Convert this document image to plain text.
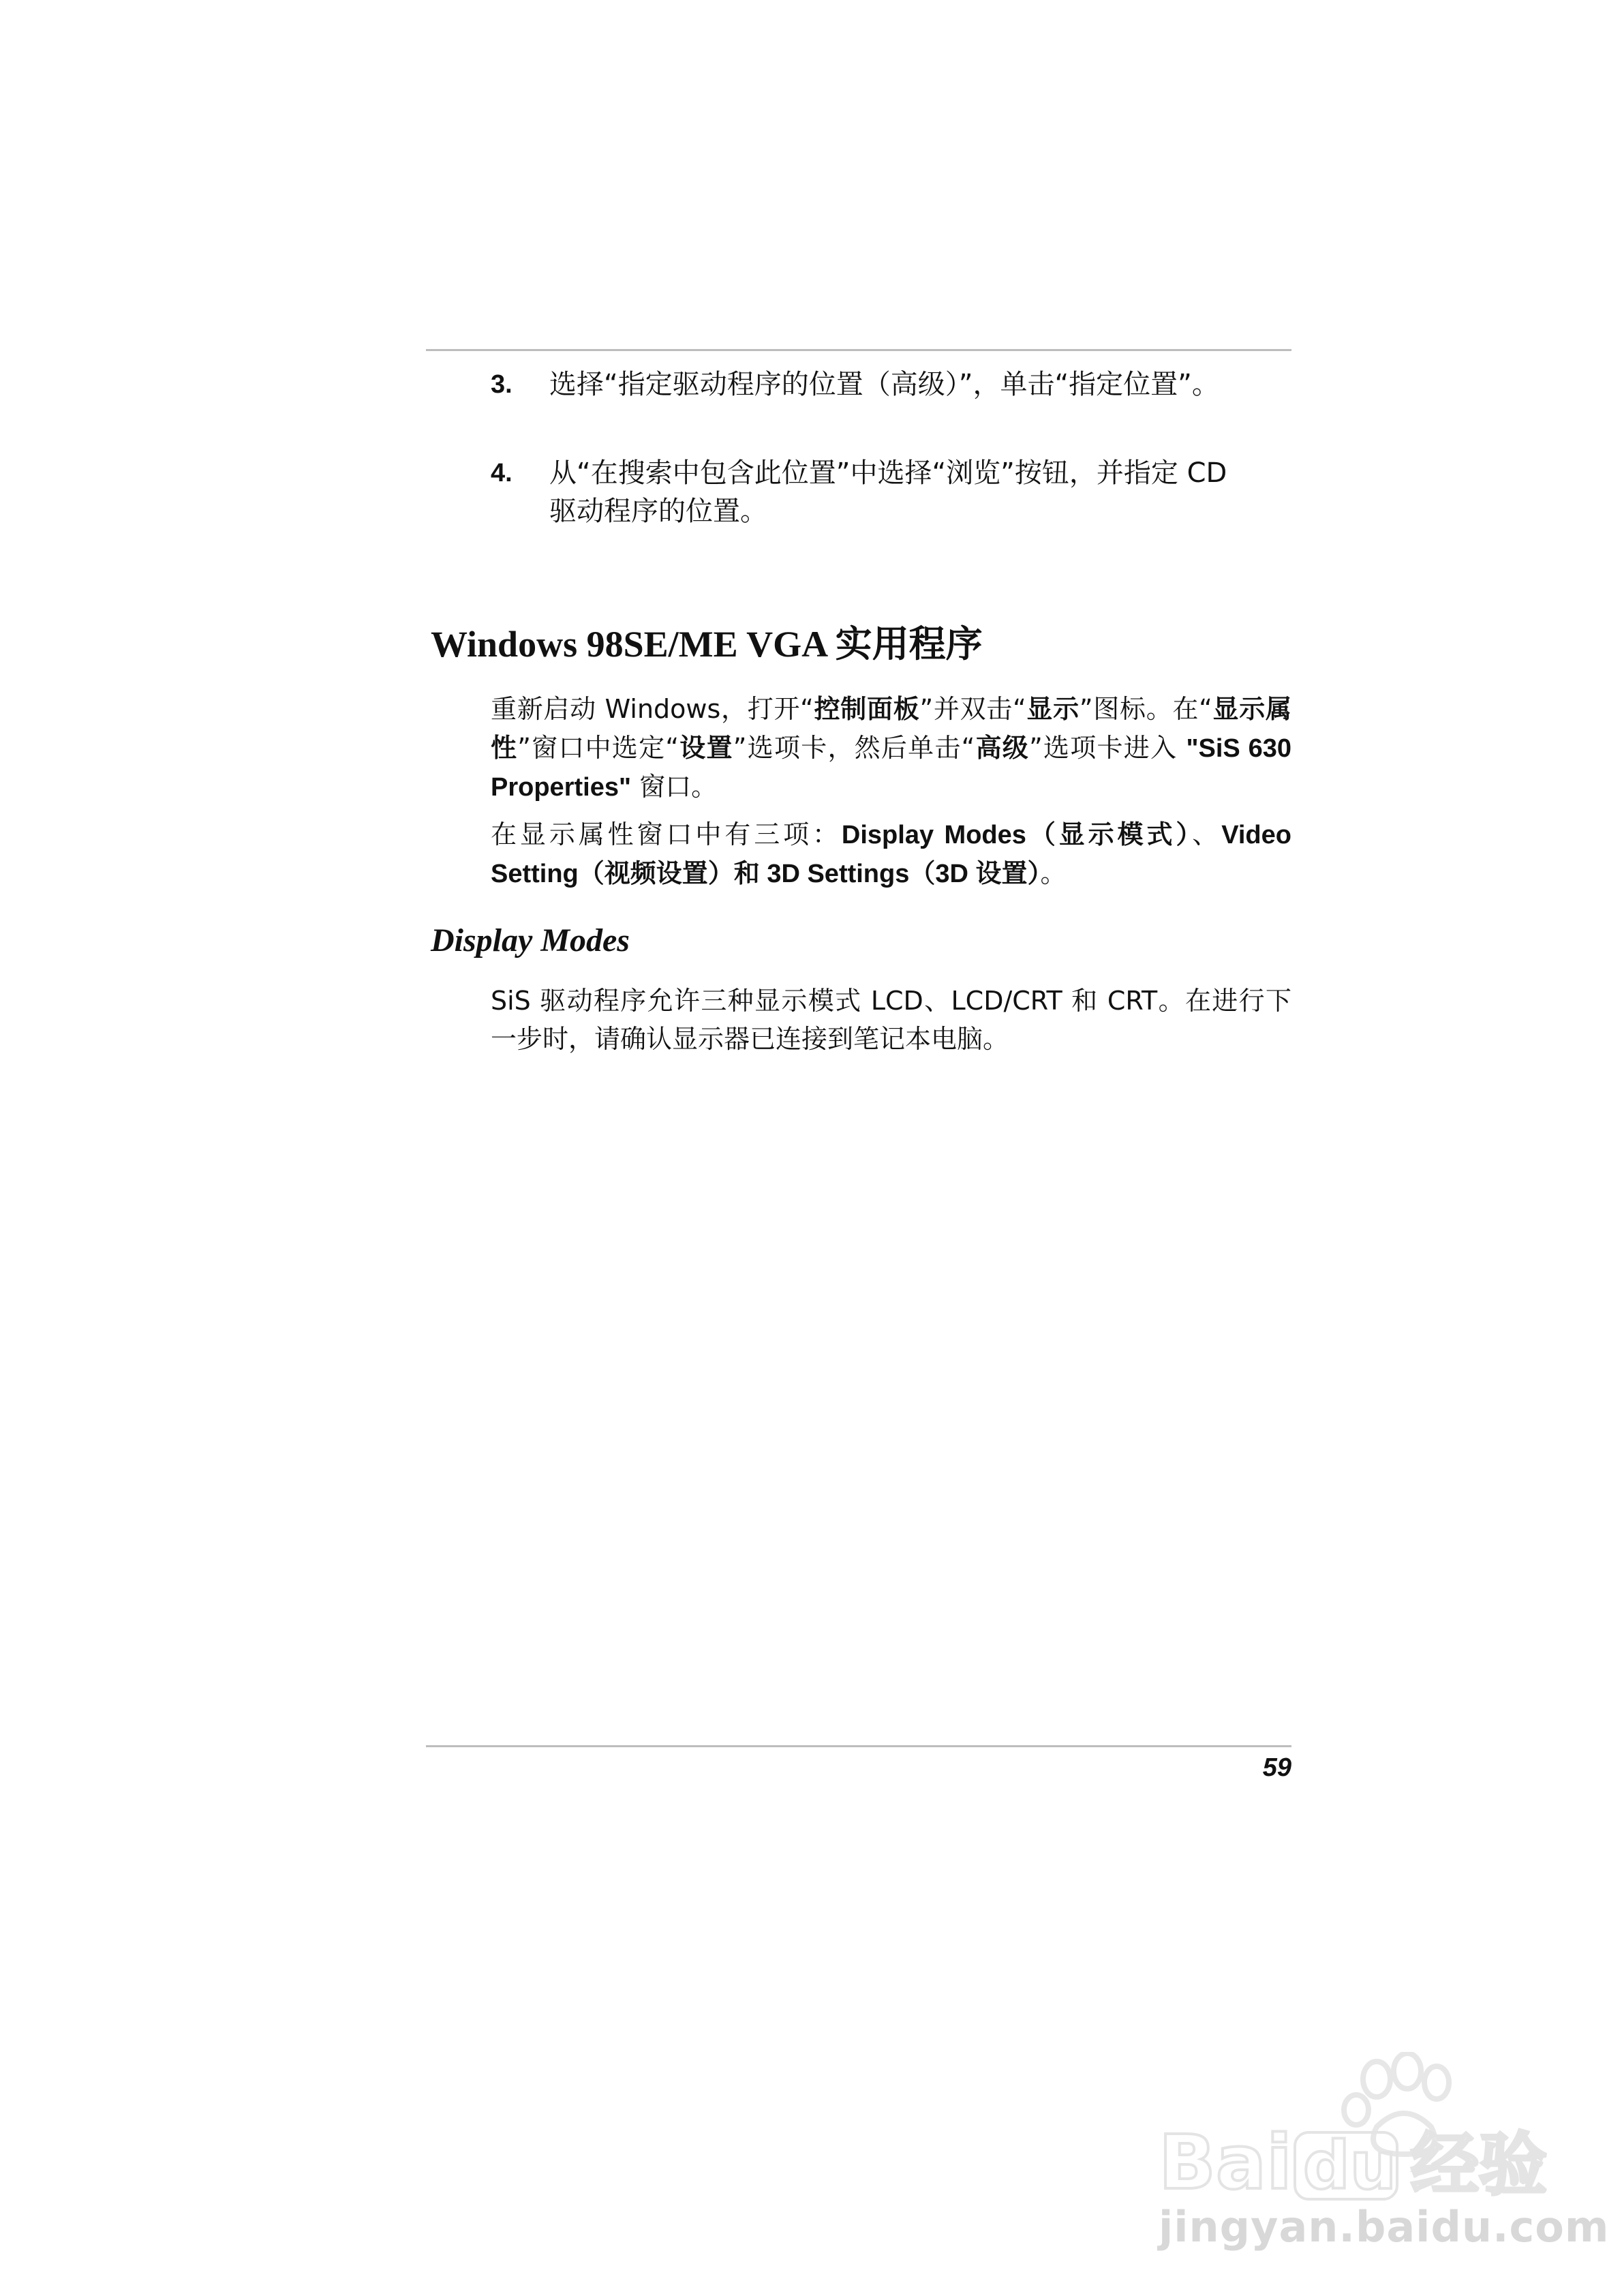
3. 选择“指定驱动程序的位置（高级）”，单击“指定位置”。
4. 从“在搜索中包含此位置”中选择“浏览”按钮，并指定 CD 驱动程序的位置。
Windows 98SE/ME VGA 实用程序
重新启动 Windows，打开“控制面板”并双击“显示”图标。在“显示属性”窗口中选定“设置”选项卡，然后单击“高级”选项卡进入 "SiS 630 Properties" 窗口。
在显示属性窗口中有三项：Display Modes（显示模式）、Video Setting（视频设置）和 3D Settings（3D 设置）。
Display Modes
SiS 驱动程序允许三种显示模式 LCD、LCD/CRT 和 CRT。在进行下一步时，请确认显示器已连接到笔记本电脑。
59
Bai du 经验
jingyan.baidu.com
